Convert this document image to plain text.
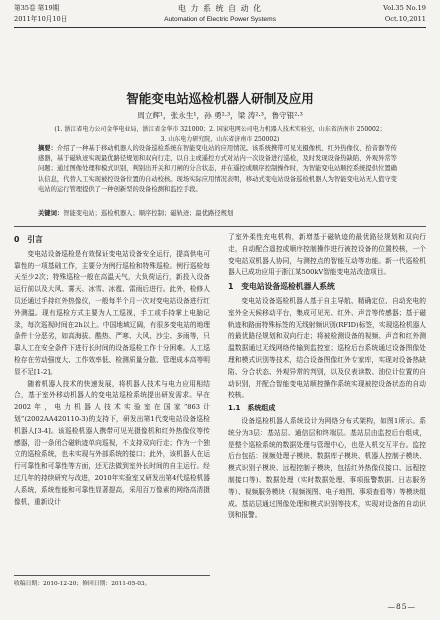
第35卷 第19期
2011年10月10日
电 力 系 统 自 动 化
Automation of Electric Power Systems
Vol.35 No.19
Oct.10,2011
智能变电站巡检机器人研制及应用
周立辉¹，张永生¹，孙 勇²·³，梁 涛²·³，鲁守银²·³
(1. 浙江省电力公司金华电业局，浙江省金华市 321000；2. 国家电网公司电力机器人技术实验室，山东省济南市 250002；
3. 山东电力研究院，山东省济南市 250002)
摘要：介绍了一种基于移动机器人的设备巡检系统在智能变电站的应用情况。该系统携带可见光摄像机、红外热像仪、拾音器等传感器，基于磁轨迹实现最优路径规划和双向行走，以自主或遥控方式对站内一次设备进行巡检，及时发现设备热缺陷、外观异常等问题；通过图像处理和模式识别，判别出开关和刀闸的分合状态，并在遥控或顺序控制操作时，为智能变电站顺控系统提供位置确认信息，代替人工实现被控设备位置的自动校核。现场实际应用情况表明，移动式变电站设备巡检机器人为智能变电站无人值守变电站的运行管理提供了一种创新型的设备检测和监控手段。
关键词：智能变电站；巡检机器人；顺序控制；磁轨迹；最优路径规划
0　引言

变电站设备巡检是有效保证变电站设备安全运行，提高供电可靠性的一项基础工作，主要分为例行巡检和特殊巡检。例行巡检每天至少2次；特殊巡检一般在高温天气，大负荷运行，新投入设备运行前以及大风、雾天、冰雪、冰雹、雷雨后进行。此外，检修人员还通过手持红外热像仪，一般每半个月一次对变电站设备进行红外测温。现有巡检方式主要为人工巡视，手工或手持掌上电脑记录，每次巡视时间在2h以上。中国地域辽阔，有很多变电站的地理条件十分恶劣，如高海拔、酷热、严寒、大风、沙尘、多雨等，只靠人工在安全条件下进行长时间的设备巡检工作十分困难。人工巡检存在劳动强度大、工作效率低、检测质量分散、管理成本高等明显不足[1-2]。

随着机器人技术的快速发展，将机器人技术与电力应用相结合，基于室外移动机器人的变电站巡检系统提出研发需求。早在2002年，电力机器人技术实验室在国家“863计划”(2002AA420110-3)的支持下，研发出第1代变电站设备巡检机器人[3-4]。该巡检机器人携带可见光摄像机和红外热像仪等传感器，沿一条闭合磁轨迹单向巡视，不支持双向行走；作为一个独立的巡检系统，也未实现与外部系统的接口；此外，该机器人在运行可靠性和可靠性等方面，还无法做到室外长时间的自主运行。经过几年的持续研究与改进，2010年实验室又研发出第4代巡检机器人系统，系统性能和可靠性显著提高，采用百万像素的网络高清摄像机，重新设计

了室外柔性充电机构，新增基于磁轨迹的最优路径规划和双向行走，自动配合遥控或顺序控制操作进行被控设备的位置校核，一个变电站双机器人协同，与测控点的智能互动等功能。新一代巡检机器人已成功应用于浙江某500kV智能变电站改造项目。

1　变电站设备巡检机器人系统

变电站设备巡检机器人基于自主导航、精确定位、自动充电的室外全天候移动平台，集成可见光、红外、声音等传感器；基于磁轨迹和路面特殊标签的无线射频识别(RFID)标签，实现巡检机器人的最优路径规划和双向行走；将被检测设备的视频、声音和红外测温数据通过无线网络传输到监控室；巡检后台系统通过设备图像处理和模式识别等技术，结合设备图像红外专家库，实现对设备热缺陷、分合状态、外观异常的判别，以及仪表读数、油位计位置的自动识别，并配合智能变电站顺控操作系统实现被控设备状态的自动校核。

1.1　系统组成

设备巡检机器人系统设计为网络分布式架构，如图1所示。系统分为3层：基站层、通信层和终端层。基站层由监控后台组成，是整个巡检系统的数据处理与管理中心，也是人机交互平台。监控后台包括：视频处理子模块、数据库子模块、机器人控制子模块、模式识别子模块、远程控制子模块，包括红外热像仪接口、远程控制接口等)、数据处理（实时数据处理、事项报警数据、日志服务等）、视频服务模块（视频视图、电子地图、事项查看等）等模块组成。基站层通过图像处理和模式识别等技术，实现对设备的自动识别和报警。

收稿日期：2010-12-20；修回日期：2011-05-03。
—85—
